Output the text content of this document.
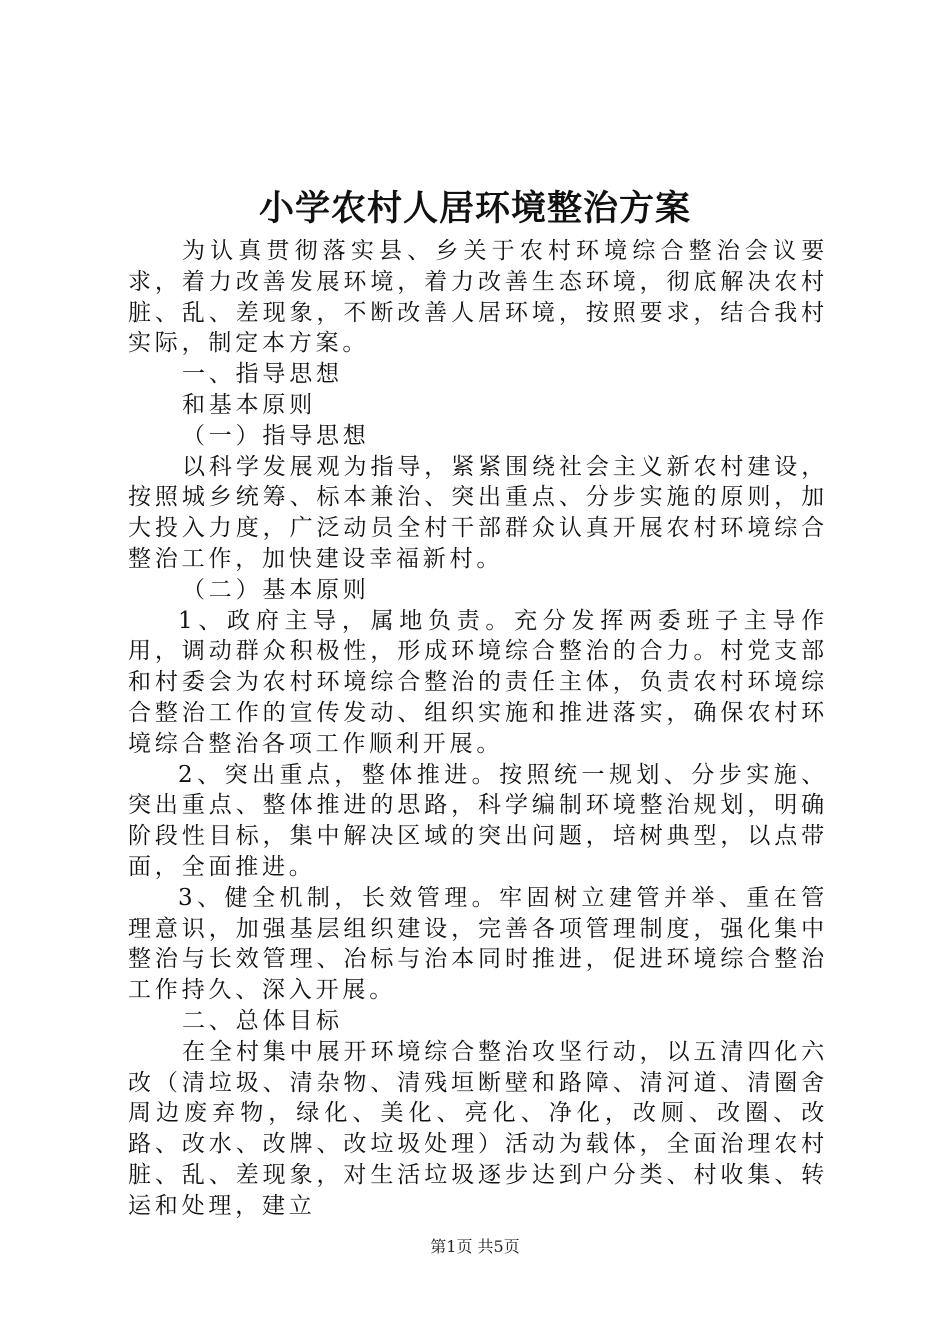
小学农村人居环境整治方案

为认真贯彻落实县、乡关于农村环境综合整治会议要求，着力改善发展环境，着力改善生态环境，彻底解决农村脏、乱、差现象，不断改善人居环境，按照要求，结合我村实际，制定本方案。

一、指导思想

和基本原则

（一）指导思想

以科学发展观为指导，紧紧围绕社会主义新农村建设，按照城乡统筹、标本兼治、突出重点、分步实施的原则，加大投入力度，广泛动员全村干部群众认真开展农村环境综合整治工作，加快建设幸福新村。

（二）基本原则

1、政府主导，属地负责。充分发挥两委班子主导作用，调动群众积极性，形成环境综合整治的合力。村党支部和村委会为农村环境综合整治的责任主体，负责农村环境综合整治工作的宣传发动、组织实施和推进落实，确保农村环境综合整治各项工作顺利开展。

2、突出重点，整体推进。按照统一规划、分步实施、突出重点、整体推进的思路，科学编制环境整治规划，明确阶段性目标，集中解决区域的突出问题，培树典型，以点带面，全面推进。

3、健全机制，长效管理。牢固树立建管并举、重在管理意识，加强基层组织建设，完善各项管理制度，强化集中整治与长效管理、冶标与治本同时推进，促进环境综合整治工作持久、深入开展。

二、总体目标

在全村集中展开环境综合整治攻坚行动，以五清四化六改（清垃圾、清杂物、清残垣断壁和路障、清河道、清圈舍周边废弃物，绿化、美化、亮化、净化，改厕、改圈、改路、改水、改牌、改垃圾处理）活动为载体，全面治理农村脏、乱、差现象，对生活垃圾逐步达到户分类、村收集、转运和处理，建立

第1页 共5页
